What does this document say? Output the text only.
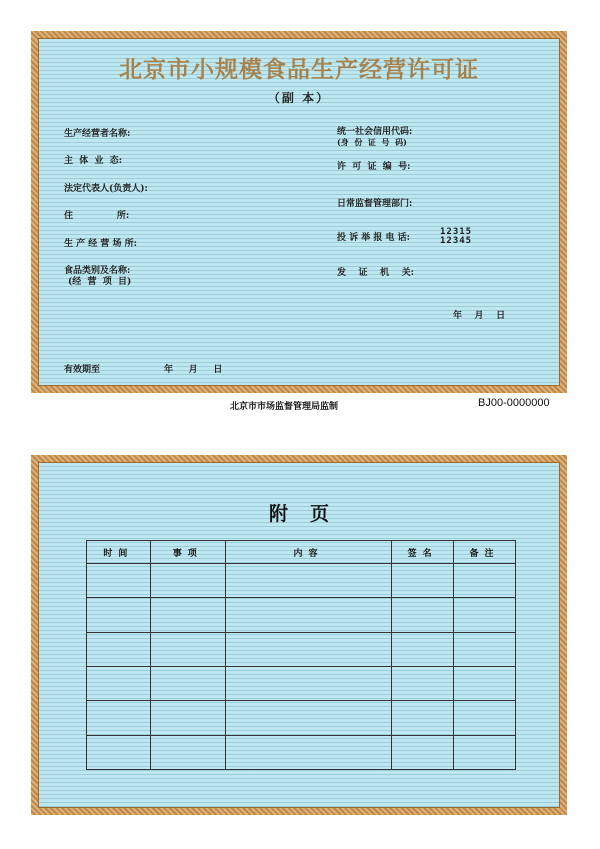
北京市小规模食品生产经营许可证
（副 本）
生产经营者名称:
主  体  业  态:
法定代表人(负责人):
住              所:
生 产 经 营 场 所:
食品类别及名称:
(经  营  项  目)
统一社会信用代码:
(身  份  证  号  码)
许  可  证  编  号:
日常监督管理部门:
投 诉 举 报 电 话:
12315
12345
发    证    机    关:
年    月    日
有效期至	年     月     日
北京市市场监督管理局监制	BJ00-0000000
附页
时间	事项	内容	签名	备注
